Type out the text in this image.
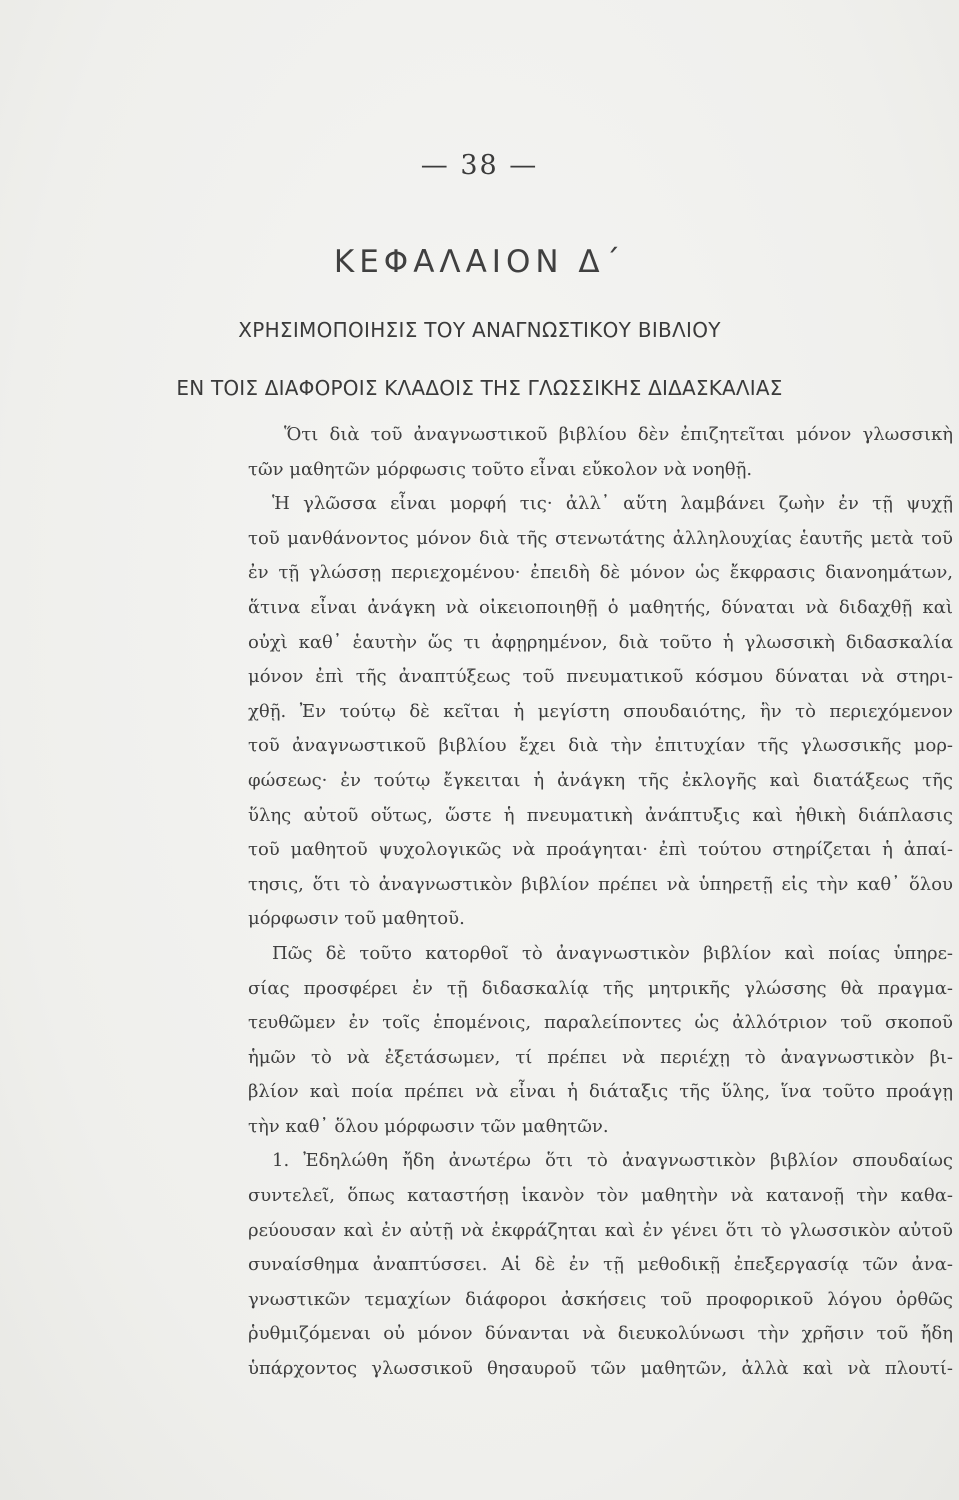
— 38 —
ΚΕΦΑΛΑΙΟΝ Δ΄
ΧΡΗΣΙΜΟΠΟΙΗΣΙΣ ΤΟΥ ΑΝΑΓΝΩΣΤΙΚΟΥ ΒΙΒΛΙΟΥ
ΕΝ ΤΟΙΣ ΔΙΑΦΟΡΟΙΣ ΚΛΑΔΟΙΣ ΤΗΣ ΓΛΩΣΣΙΚΗΣ ΔΙΔΑΣΚΑΛΙΑΣ
Ὅτι διὰ τοῦ ἀναγνωστικοῦ βιβλίου δὲν ἐπιζητεῖται μόνον γλωσσικὴ
τῶν μαθητῶν μόρφωσις τοῦτο εἶναι εὔκολον νὰ νοηθῇ.
Ἡ γλῶσσα εἶναι μορφή τις· ἀλλ᾽ αὕτη λαμβάνει ζωὴν ἐν τῇ ψυχῇ
τοῦ μανθάνοντος μόνον διὰ τῆς στενωτάτης ἀλληλουχίας ἑαυτῆς μετὰ τοῦ
ἐν τῇ γλώσσῃ περιεχομένου· ἐπειδὴ δὲ μόνον ὡς ἔκφρασις διανοημάτων,
ἅτινα εἶναι ἀνάγκη νὰ οἰκειοποιηθῇ ὁ μαθητής, δύναται νὰ διδαχθῇ καὶ
οὐχὶ καθ᾽ ἑαυτὴν ὥς τι ἀφῃρημένον, διὰ τοῦτο ἡ γλωσσικὴ διδασκαλία
μόνον ἐπὶ τῆς ἀναπτύξεως τοῦ πνευματικοῦ κόσμου δύναται νὰ στηρι-
χθῇ. Ἐν τούτῳ δὲ κεῖται ἡ μεγίστη σπουδαιότης, ἣν τὸ περιεχόμενον
τοῦ ἀναγνωστικοῦ βιβλίου ἔχει διὰ τὴν ἐπιτυχίαν τῆς γλωσσικῆς μορ-
φώσεως· ἐν τούτῳ ἔγκειται ἡ ἀνάγκη τῆς ἐκλογῆς καὶ διατάξεως τῆς
ὕλης αὐτοῦ οὕτως, ὥστε ἡ πνευματικὴ ἀνάπτυξις καὶ ἠθικὴ διάπλασις
τοῦ μαθητοῦ ψυχολογικῶς νὰ προάγηται· ἐπὶ τούτου στηρίζεται ἡ ἀπαί-
τησις, ὅτι τὸ ἀναγνωστικὸν βιβλίον πρέπει νὰ ὑπηρετῇ εἰς τὴν καθ᾽ ὅλου
μόρφωσιν τοῦ μαθητοῦ.
Πῶς δὲ τοῦτο κατορθοῖ τὸ ἀναγνωστικὸν βιβλίον καὶ ποίας ὑπηρε-
σίας προσφέρει ἐν τῇ διδασκαλίᾳ τῆς μητρικῆς γλώσσης θὰ πραγμα-
τευθῶμεν ἐν τοῖς ἑπομένοις, παραλείποντες ὡς ἀλλότριον τοῦ σκοποῦ
ἡμῶν τὸ νὰ ἐξετάσωμεν, τί πρέπει νὰ περιέχῃ τὸ ἀναγνωστικὸν βι-
βλίον καὶ ποία πρέπει νὰ εἶναι ἡ διάταξις τῆς ὕλης, ἵνα τοῦτο προάγῃ
τὴν καθ᾽ ὅλου μόρφωσιν τῶν μαθητῶν.
1. Ἐδηλώθη ἤδη ἀνωτέρω ὅτι τὸ ἀναγνωστικὸν βιβλίον σπουδαίως
συντελεῖ, ὅπως καταστήσῃ ἱκανὸν τὸν μαθητὴν νὰ κατανοῇ τὴν καθα-
ρεύουσαν καὶ ἐν αὐτῇ νὰ ἐκφράζηται καὶ ἐν γένει ὅτι τὸ γλωσσικὸν αὐτοῦ
συναίσθημα ἀναπτύσσει. Αἱ δὲ ἐν τῇ μεθοδικῇ ἐπεξεργασίᾳ τῶν ἀνα-
γνωστικῶν τεμαχίων διάφοροι ἀσκήσεις τοῦ προφορικοῦ λόγου ὀρθῶς
ῥυθμιζόμεναι οὐ μόνον δύνανται νὰ διευκολύνωσι τὴν χρῆσιν τοῦ ἤδη
ὑπάρχοντος γλωσσικοῦ θησαυροῦ τῶν μαθητῶν, ἀλλὰ καὶ νὰ πλουτί-
